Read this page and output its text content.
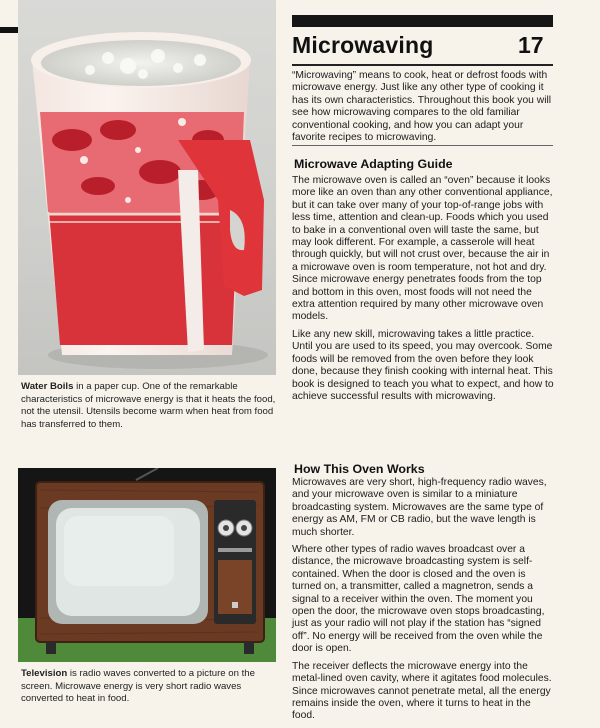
Water Boils in a paper cup. One of the remarkable characteristics of microwave energy is that it heats the food, not the utensil. Utensils become warm when heat from food has transferred to them.
Television is radio waves converted to a picture on the screen. Microwave energy is very short radio waves converted to heat in food.
Microwaving	17
“Microwaving” means to cook, heat or defrost foods with microwave energy. Just like any other type of cooking it has its own characteristics. Throughout this book you will see how microwaving compares to the old familiar conventional cooking, and how you can adapt your favorite recipes to microwaving.
Microwave Adapting Guide

The microwave oven is called an “oven” because it looks more like an oven than any other conventional appliance, but it can take over many of your top-of-range jobs with less time, attention and clean-up. Foods which you used to bake in a conventional oven will taste the same, but may look different. For example, a casserole will heat through quickly, but will not crust over, because the air in a microwave oven is room temperature, not hot and dry. Since microwave energy penetrates foods from the top and bottom in this oven, most foods will not need the extra attention required by many other microwave oven models.

Like any new skill, microwaving takes a little practice. Until you are used to its speed, you may overcook. Some foods will be removed from the oven before they look done, because they finish cooking with internal heat. This book is designed to teach you what to expect, and how to achieve successful results with microwaving.

How This Oven Works

Microwaves are very short, high-frequency radio waves, and your microwave oven is similar to a miniature broadcasting system. Microwaves are the same type of energy as AM, FM or CB radio, but the wave length is much shorter.

Where other types of radio waves broadcast over a distance, the microwave broadcasting system is self-contained. When the door is closed and the oven is turned on, a transmitter, called a magnetron, sends a signal to a receiver within the oven. The moment you open the door, the microwave oven stops broadcasting, just as your radio will not play if the station has “signed off”. No energy will be received from the oven while the door is open.

The receiver deflects the microwave energy into the metal-lined oven cavity, where it agitates food molecules. Since microwaves cannot penetrate metal, all the energy remains inside the oven, where it turns to heat in the food.
